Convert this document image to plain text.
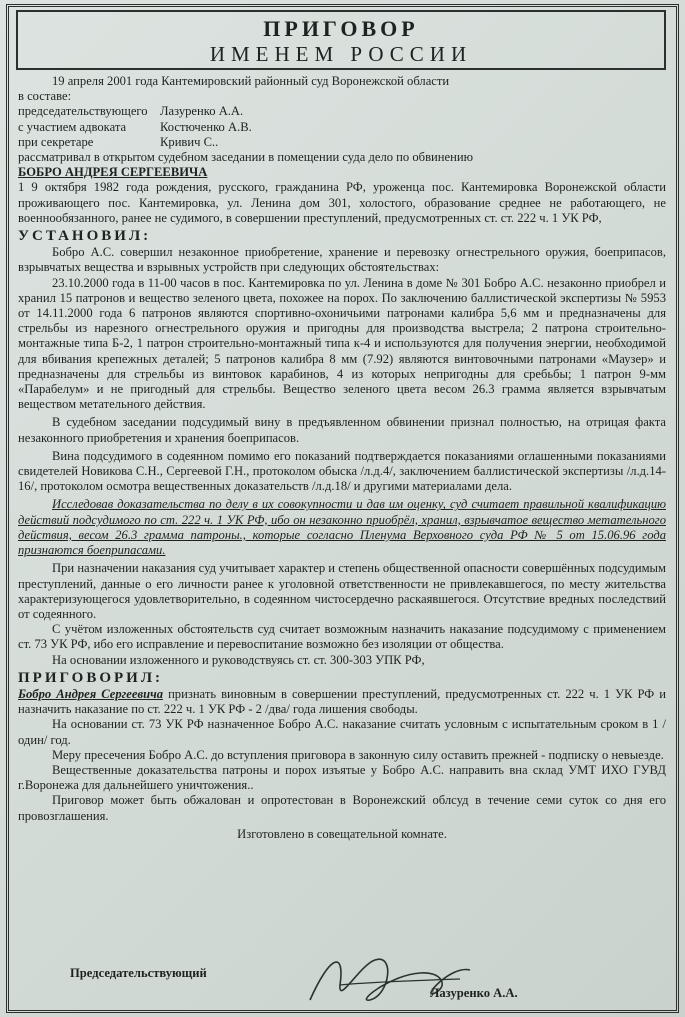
ПРИГОВОР
ИМЕНЕМ РОССИИ

19 апреля 2001 года Кантемировский районный суд Воронежской области

в составе:

председательствующего Лазуренко А.А.
с участием адвоката	Костюченко А.В.
при секретаре	Кривич С..

рассматривал в открытом судебном заседании в помещении суда дело по обвинению

БОБРО АНДРЕЯ СЕРГЕЕВИЧА

1 9 октября 1982 года рождения, русского, гражданина РФ, уроженца пос. Кантемировка Воронежской области проживающего пос. Кантемировка, ул. Ленина дом 301, холостого, образование среднее не работающего, не военнообязанного, ранее не судимого, в совершении преступлений, предусмотренных ст. ст. 222 ч. 1 УК РФ,

УСТАНОВИЛ:

Бобро А.С. совершил незаконное приобретение, хранение и перевозку огнестрельного оружия, боеприпасов, взрывчатых вещества и взрывных устройств при следующих обстоятельствах:

23.10.2000 года в 11-00 часов в пос. Кантемировка по ул. Ленина в доме № 301 Бобро А.С. незаконно приобрел и хранил 15 патронов и вещество зеленого цвета, похожее на порох. По заключению баллистической экспертизы № 5953 от 14.11.2000 года 6 патронов являются спортивно-охоничьими патронами калибра 5,6 мм и предназначены для стрельбы из нарезного огнестрельного оружия и пригодны для производства выстрела; 2 патрона строительно-монтажные типа Б-2, 1 патрон строительно-монтажный типа к-4 и используются для получения энергии, необходимой для вбивания крепежных деталей; 5 патронов калибра 8 мм (7.92) являются винтовочными патронами «Маузер» и предназначены для стрельбы из винтовок карабинов, 4 из которых непригодны для сребьбы; 1 патрон 9-мм «Парабелум» и не пригодный для стрельбы. Вещество зеленого цвета весом 26.3 грамма является взрывчатым веществом метательного действия.

В судебном заседании подсудимый вину в предъявленном обвинении признал полностью, на отрицая факта незаконного приобретения и хранения боеприпасов.

Вина подсудимого в содеянном помимо его показаний подтверждается показаниями оглашенными показаниями свидетелей Новикова С.Н., Сергеевой Г.Н., протоколом обыска /л.д.4/, заключением баллистической экспертизы /л.д.14-16/, протоколом осмотра вещественных доказательств /л.д.18/ и другими материалами дела.

Исследовав доказательства по делу в их совокупности и дав им оценку, суд считает правильной квалификацию действий подсудимого по ст. 222 ч. 1 УК РФ, ибо он незаконно приобрёл, хранил, взрывчатое вещество метательного действия, весом 26.3 грамма патроны., которые согласно Пленума Верховного суда РФ № 5 от 15.06.96 года признаются боеприпасами.

При назначении наказания суд учитывает характер и степень общественной опасности совершённых подсудимым преступлений, данные о его личности ранее к уголовной ответственности не привлекавшегося, по месту жительства характеризующегося удовлетворительно, в содеянном чистосердечно раскаявшегося. Отсутствие вредных последствий от содеянного.

С учётом изложенных обстоятельств суд считает возможным назначить наказание подсудимому с применением ст. 73 УК РФ, ибо его исправление и перевоспитание возможно без изоляции от общества.

На основании изложенного и руководствуясь ст. ст. 300-303 УПК РФ,

ПРИГОВОРИЛ:

Бобро Андрея Сергеевича признать виновным в совершении преступлений, предусмотренных ст. 222 ч. 1 УК РФ и назначить наказание по ст. 222 ч. 1 УК РФ - 2 /два/ года лишения свободы.

На основании ст. 73 УК РФ назначенное Бобро А.С. наказание считать условным с испытательным сроком в 1 /один/ год.

Меру пресечения Бобро А.С. до вступления приговора в законную силу оставить прежней - подписку о невыезде.

Вещественные доказательства патроны и порох изъятые у Бобро А.С. направить вна склад УМТ ИХО ГУВД г.Воронежа для дальнейшего уничтожения..

Приговор может быть обжалован и опротестован в Воронежский облсуд в течение семи суток со дня его провозглашения.

Изготовлено в совещательной комнате.

Председательствующий
Лазуренко А.А.
